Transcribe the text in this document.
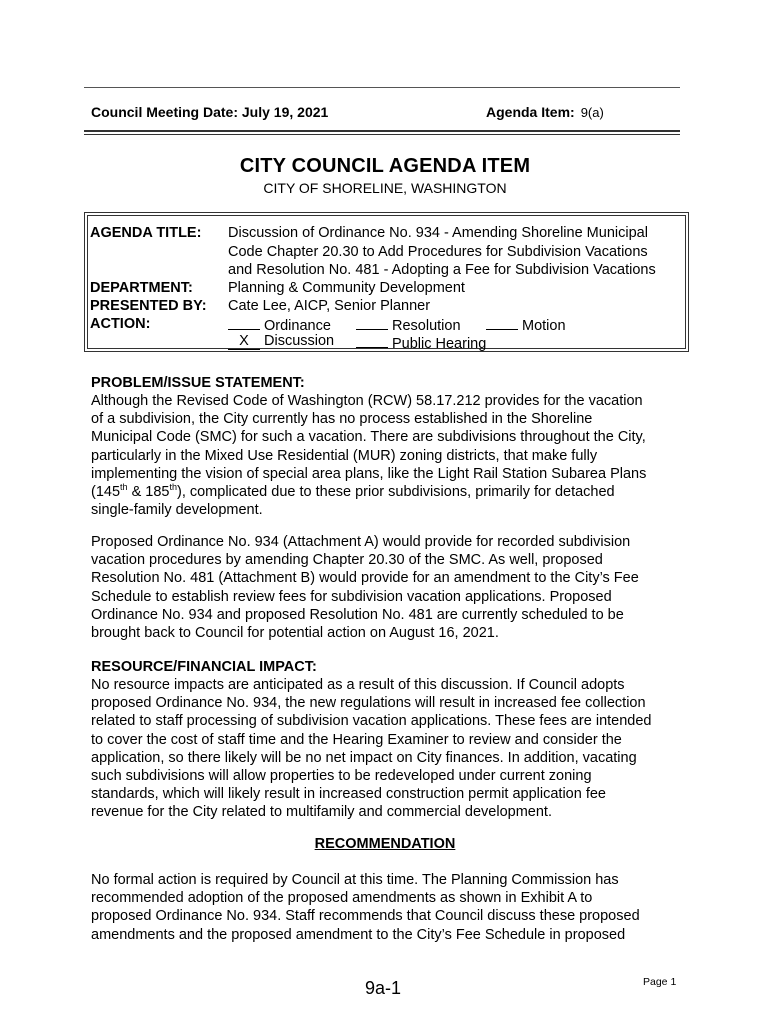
Council Meeting Date: July 19, 2021	Agenda Item: 9(a)
CITY COUNCIL AGENDA ITEM
CITY OF SHORELINE, WASHINGTON
AGENDA TITLE: Discussion of Ordinance No. 934 - Amending Shoreline Municipal
Code Chapter 20.30 to Add Procedures for Subdivision Vacations
and Resolution No. 481 - Adopting a Fee for Subdivision Vacations
DEPARTMENT: Planning & Community Development
PRESENTED BY: Cate Lee, AICP, Senior Planner
ACTION:	Ordinance	Resolution	Motion
X Discussion	Public Hearing
PROBLEM/ISSUE STATEMENT:
Although the Revised Code of Washington (RCW) 58.17.212 provides for the vacation
of a subdivision, the City currently has no process established in the Shoreline
Municipal Code (SMC) for such a vacation. There are subdivisions throughout the City,
particularly in the Mixed Use Residential (MUR) zoning districts, that make fully
implementing the vision of special area plans, like the Light Rail Station Subarea Plans
(145th & 185th), complicated due to these prior subdivisions, primarily for detached
single-family development.
Proposed Ordinance No. 934 (Attachment A) would provide for recorded subdivision
vacation procedures by amending Chapter 20.30 of the SMC. As well, proposed
Resolution No. 481 (Attachment B) would provide for an amendment to the City’s Fee
Schedule to establish review fees for subdivision vacation applications. Proposed
Ordinance No. 934 and proposed Resolution No. 481 are currently scheduled to be
brought back to Council for potential action on August 16, 2021.
RESOURCE/FINANCIAL IMPACT:
No resource impacts are anticipated as a result of this discussion. If Council adopts
proposed Ordinance No. 934, the new regulations will result in increased fee collection
related to staff processing of subdivision vacation applications. These fees are intended
to cover the cost of staff time and the Hearing Examiner to review and consider the
application, so there likely will be no net impact on City finances. In addition, vacating
such subdivisions will allow properties to be redeveloped under current zoning
standards, which will likely result in increased construction permit application fee
revenue for the City related to multifamily and commercial development.
RECOMMENDATION
No formal action is required by Council at this time. The Planning Commission has
recommended adoption of the proposed amendments as shown in Exhibit A to
proposed Ordinance No. 934. Staff recommends that Council discuss these proposed
amendments and the proposed amendment to the City’s Fee Schedule in proposed
9a-1	Page 1
